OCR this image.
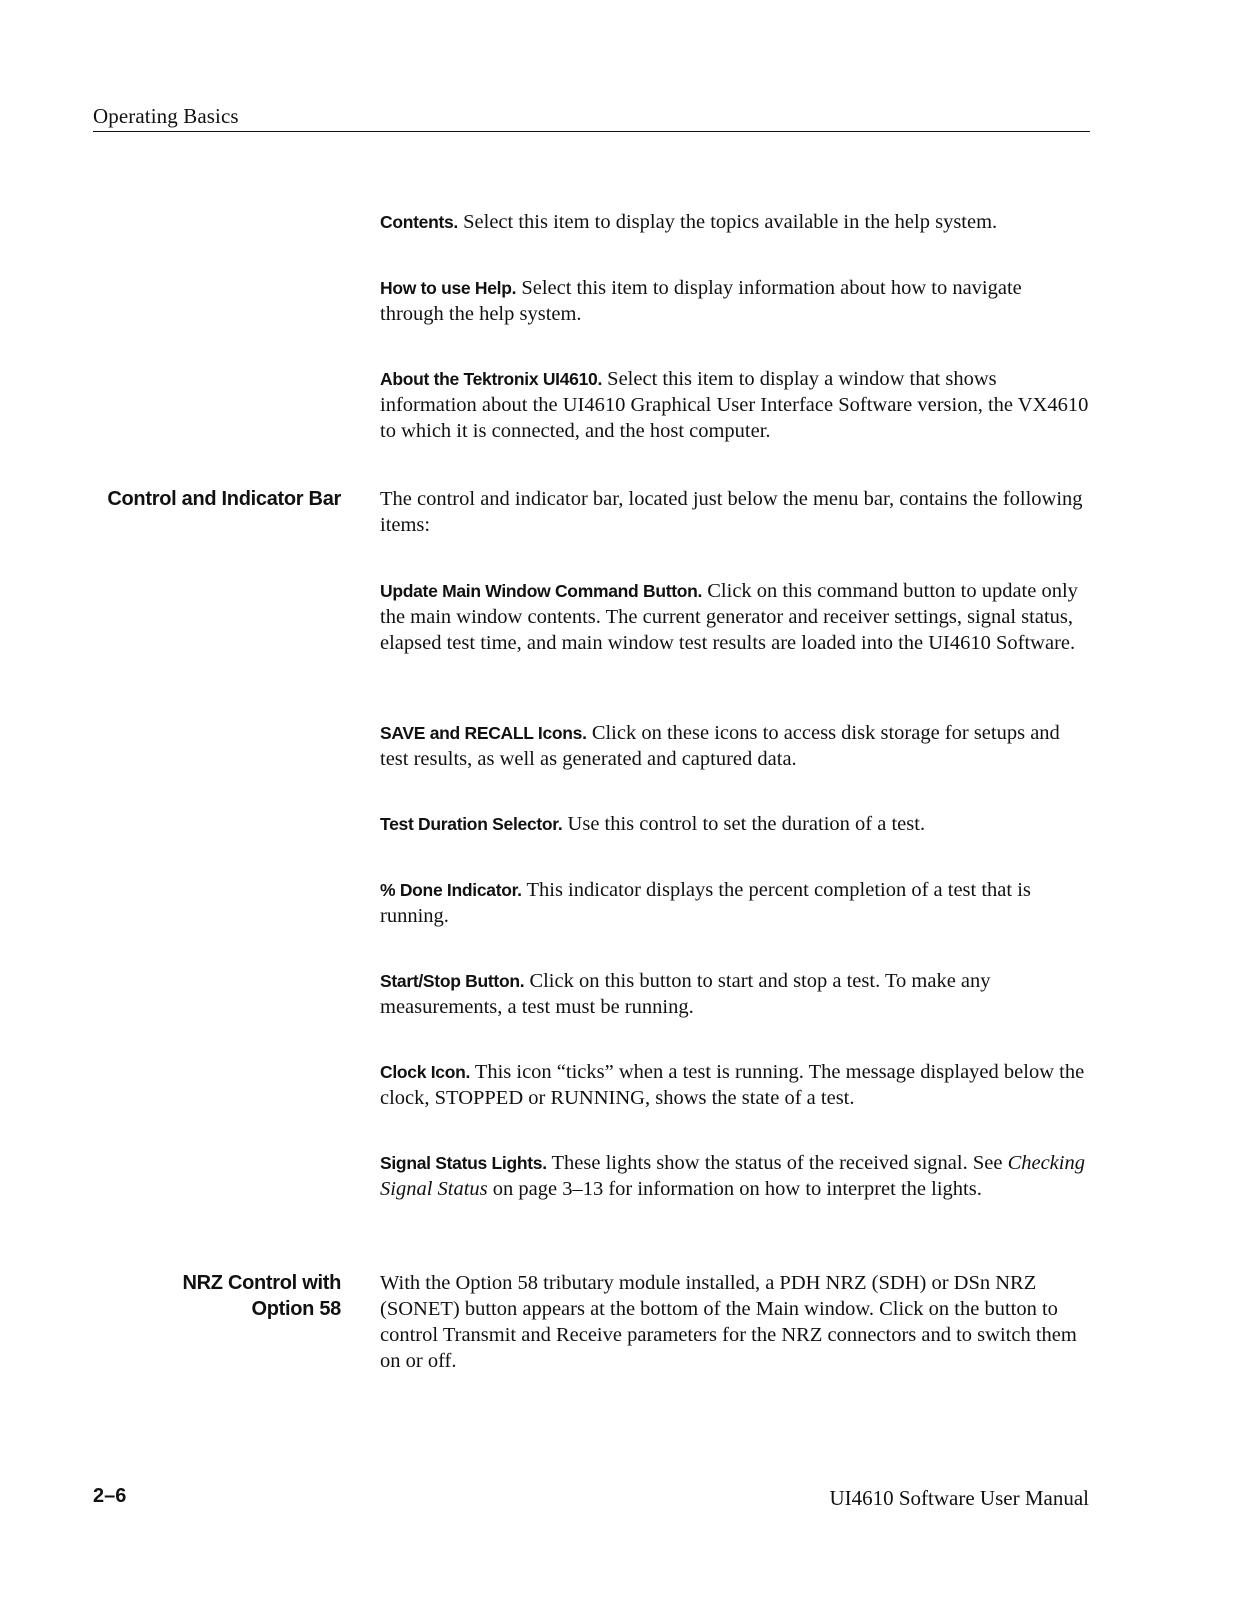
Operating Basics
Contents. Select this item to display the topics available in the help system.
How to use Help. Select this item to display information about how to navigate through the help system.
About the Tektronix UI4610. Select this item to display a window that shows information about the UI4610 Graphical User Interface Software version, the VX4610 to which it is connected, and the host computer.
Control and Indicator Bar The control and indicator bar, located just below the menu bar, contains the following items:
Update Main Window Command Button. Click on this command button to update only the main window contents. The current generator and receiver settings, signal status, elapsed test time, and main window test results are loaded into the UI4610 Software.
SAVE and RECALL Icons. Click on these icons to access disk storage for setups and test results, as well as generated and captured data.
Test Duration Selector. Use this control to set the duration of a test.
% Done Indicator. This indicator displays the percent completion of a test that is running.
Start/Stop Button. Click on this button to start and stop a test. To make any measurements, a test must be running.
Clock Icon. This icon “ticks” when a test is running. The message displayed below the clock, STOPPED or RUNNING, shows the state of a test.
Signal Status Lights. These lights show the status of the received signal. See Checking Signal Status on page 3–13 for information on how to interpret the lights.
NRZ Control with
Option 58
With the Option 58 tributary module installed, a PDH NRZ (SDH) or DSn NRZ (SONET) button appears at the bottom of the Main window. Click on the button to control Transmit and Receive parameters for the NRZ connectors and to switch them on or off.
2–6	UI4610 Software User Manual
